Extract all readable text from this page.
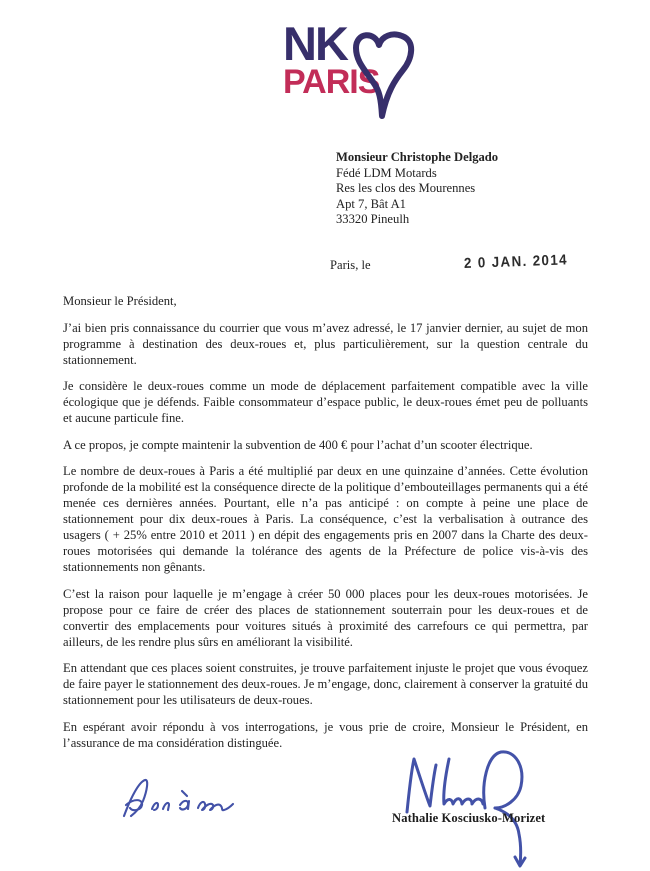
NK
PARIS
Monsieur Christophe Delgado
Fédé LDM Motards
Res les clos des Mourennes
Apt 7, Bât A1
33320 Pineulh
Paris, le	2 0 JAN. 2014

Monsieur le Président,

J’ai bien pris connaissance du courrier que vous m’avez adressé, le 17 janvier dernier, au sujet de mon programme à destination des deux-roues et, plus particulièrement, sur la question centrale du stationnement.

Je considère le deux-roues comme un mode de déplacement parfaitement compatible avec la ville écologique que je défends. Faible consommateur d’espace public, le deux-roues émet peu de polluants et aucune particule fine.

A ce propos, je compte maintenir la subvention de 400 € pour l’achat d’un scooter électrique.

Le nombre de deux-roues à Paris a été multiplié par deux en une quinzaine d’années. Cette évolution profonde de la mobilité est la conséquence directe de la politique d’embouteillages permanents qui a été menée ces dernières années. Pourtant, elle n’a pas anticipé : on compte à peine une place de stationnement pour dix deux-roues à Paris. La conséquence, c’est la verbalisation à outrance des usagers ( + 25% entre 2010 et 2011 ) en dépit des engagements pris en 2007 dans la Charte des deux-roues motorisées qui demande la tolérance des agents de la Préfecture de police vis-à-vis des stationnements non gênants.

C’est la raison pour laquelle je m’engage à créer 50 000 places pour les deux-roues motorisées. Je propose pour ce faire de créer des places de stationnement souterrain pour les deux-roues et de convertir des emplacements pour voitures situés à proximité des carrefours ce qui permettra, par ailleurs, de les rendre plus sûrs en améliorant la visibilité.

En attendant que ces places soient construites, je trouve parfaitement injuste le projet que vous évoquez de faire payer le stationnement des deux-roues. Je m’engage, donc, clairement à conserver la gratuité du stationnement pour les utilisateurs de deux-roues.

En espérant avoir répondu à vos interrogations, je vous prie de croire, Monsieur le Président, en l’assurance de ma considération distinguée.

Nathalie Kosciusko-Morizet
